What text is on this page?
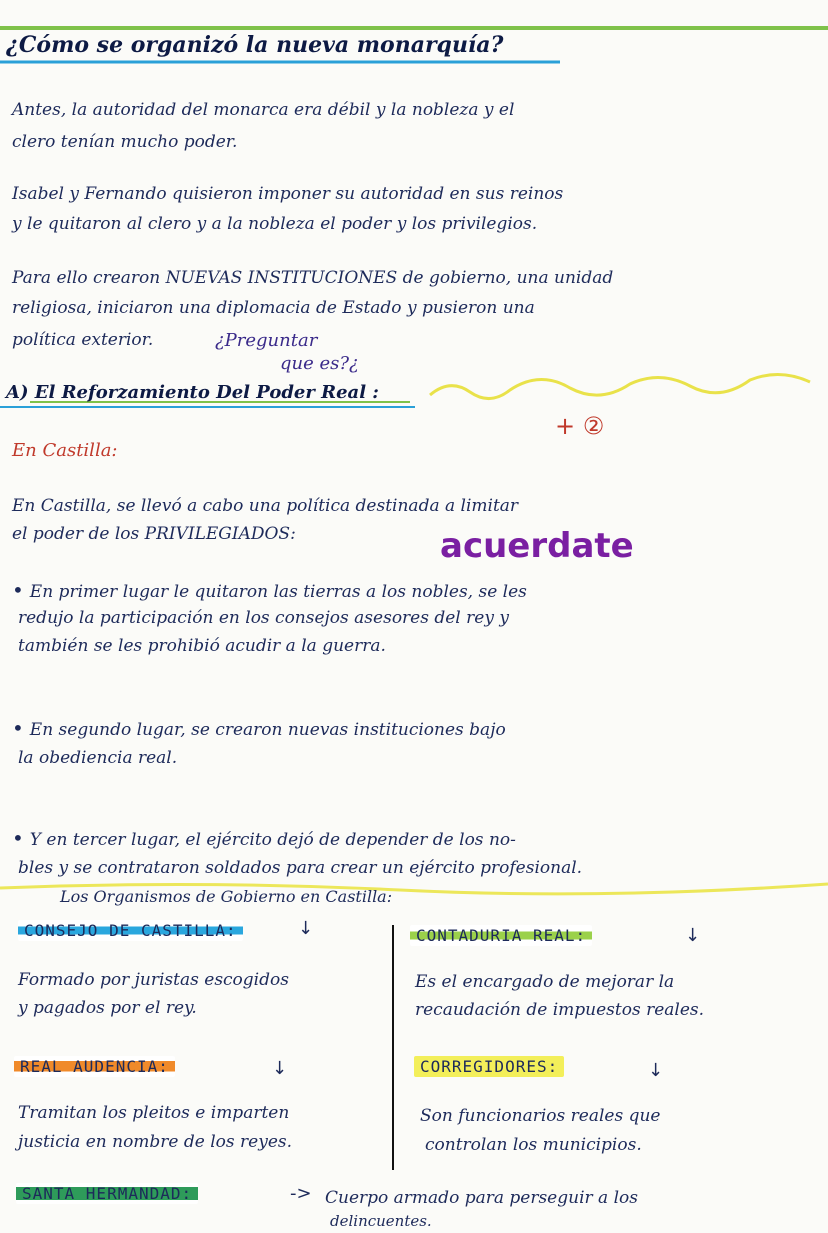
¿Cómo se organizó la nueva monarquía?
Antes, la autoridad del monarca era débil y la nobleza y el
clero tenían mucho poder.
Isabel y Fernando quisieron imponer su autoridad en sus reinos
y le quitaron al clero y a la nobleza el poder y los privilegios.
Para ello crearon NUEVAS INSTITUCIONES de gobierno, una unidad
religiosa, iniciaron una diplomacia de Estado y pusieron una
política exterior.	¿Preguntar
que es?¿
A) El Reforzamiento Del Poder Real :
+ ②
En Castilla:
En Castilla, se llevó a cabo una política destinada a limitar
el poder de los PRIVILEGIADOS:	acuerdate
• En primer lugar le quitaron las tierras a los nobles, se les
redujo la participación en los consejos asesores del rey y
también se les prohibió acudir a la guerra.
• En segundo lugar, se crearon nuevas instituciones bajo
la obediencia real.
• Y en tercer lugar, el ejército dejó de depender de los no-
bles y se contrataron soldados para crear un ejército profesional.
Los Organismos de Gobierno en Castilla:
CONSEJO DE CASTILLA:	↓
Formado por juristas escogidos
y pagados por el rey.
CONTADURIA REAL:	↓
Es el encargado de mejorar la
recaudación de impuestos reales.
REAL AUDENCIA:	↓
Tramitan los pleitos e imparten
justicia en nombre de los reyes.
CORREGIDORES:	↓
Son funcionarios reales que
controlan los municipios.
SANTA HERMANDAD:	-> Cuerpo armado para perseguir a los
delincuentes.
